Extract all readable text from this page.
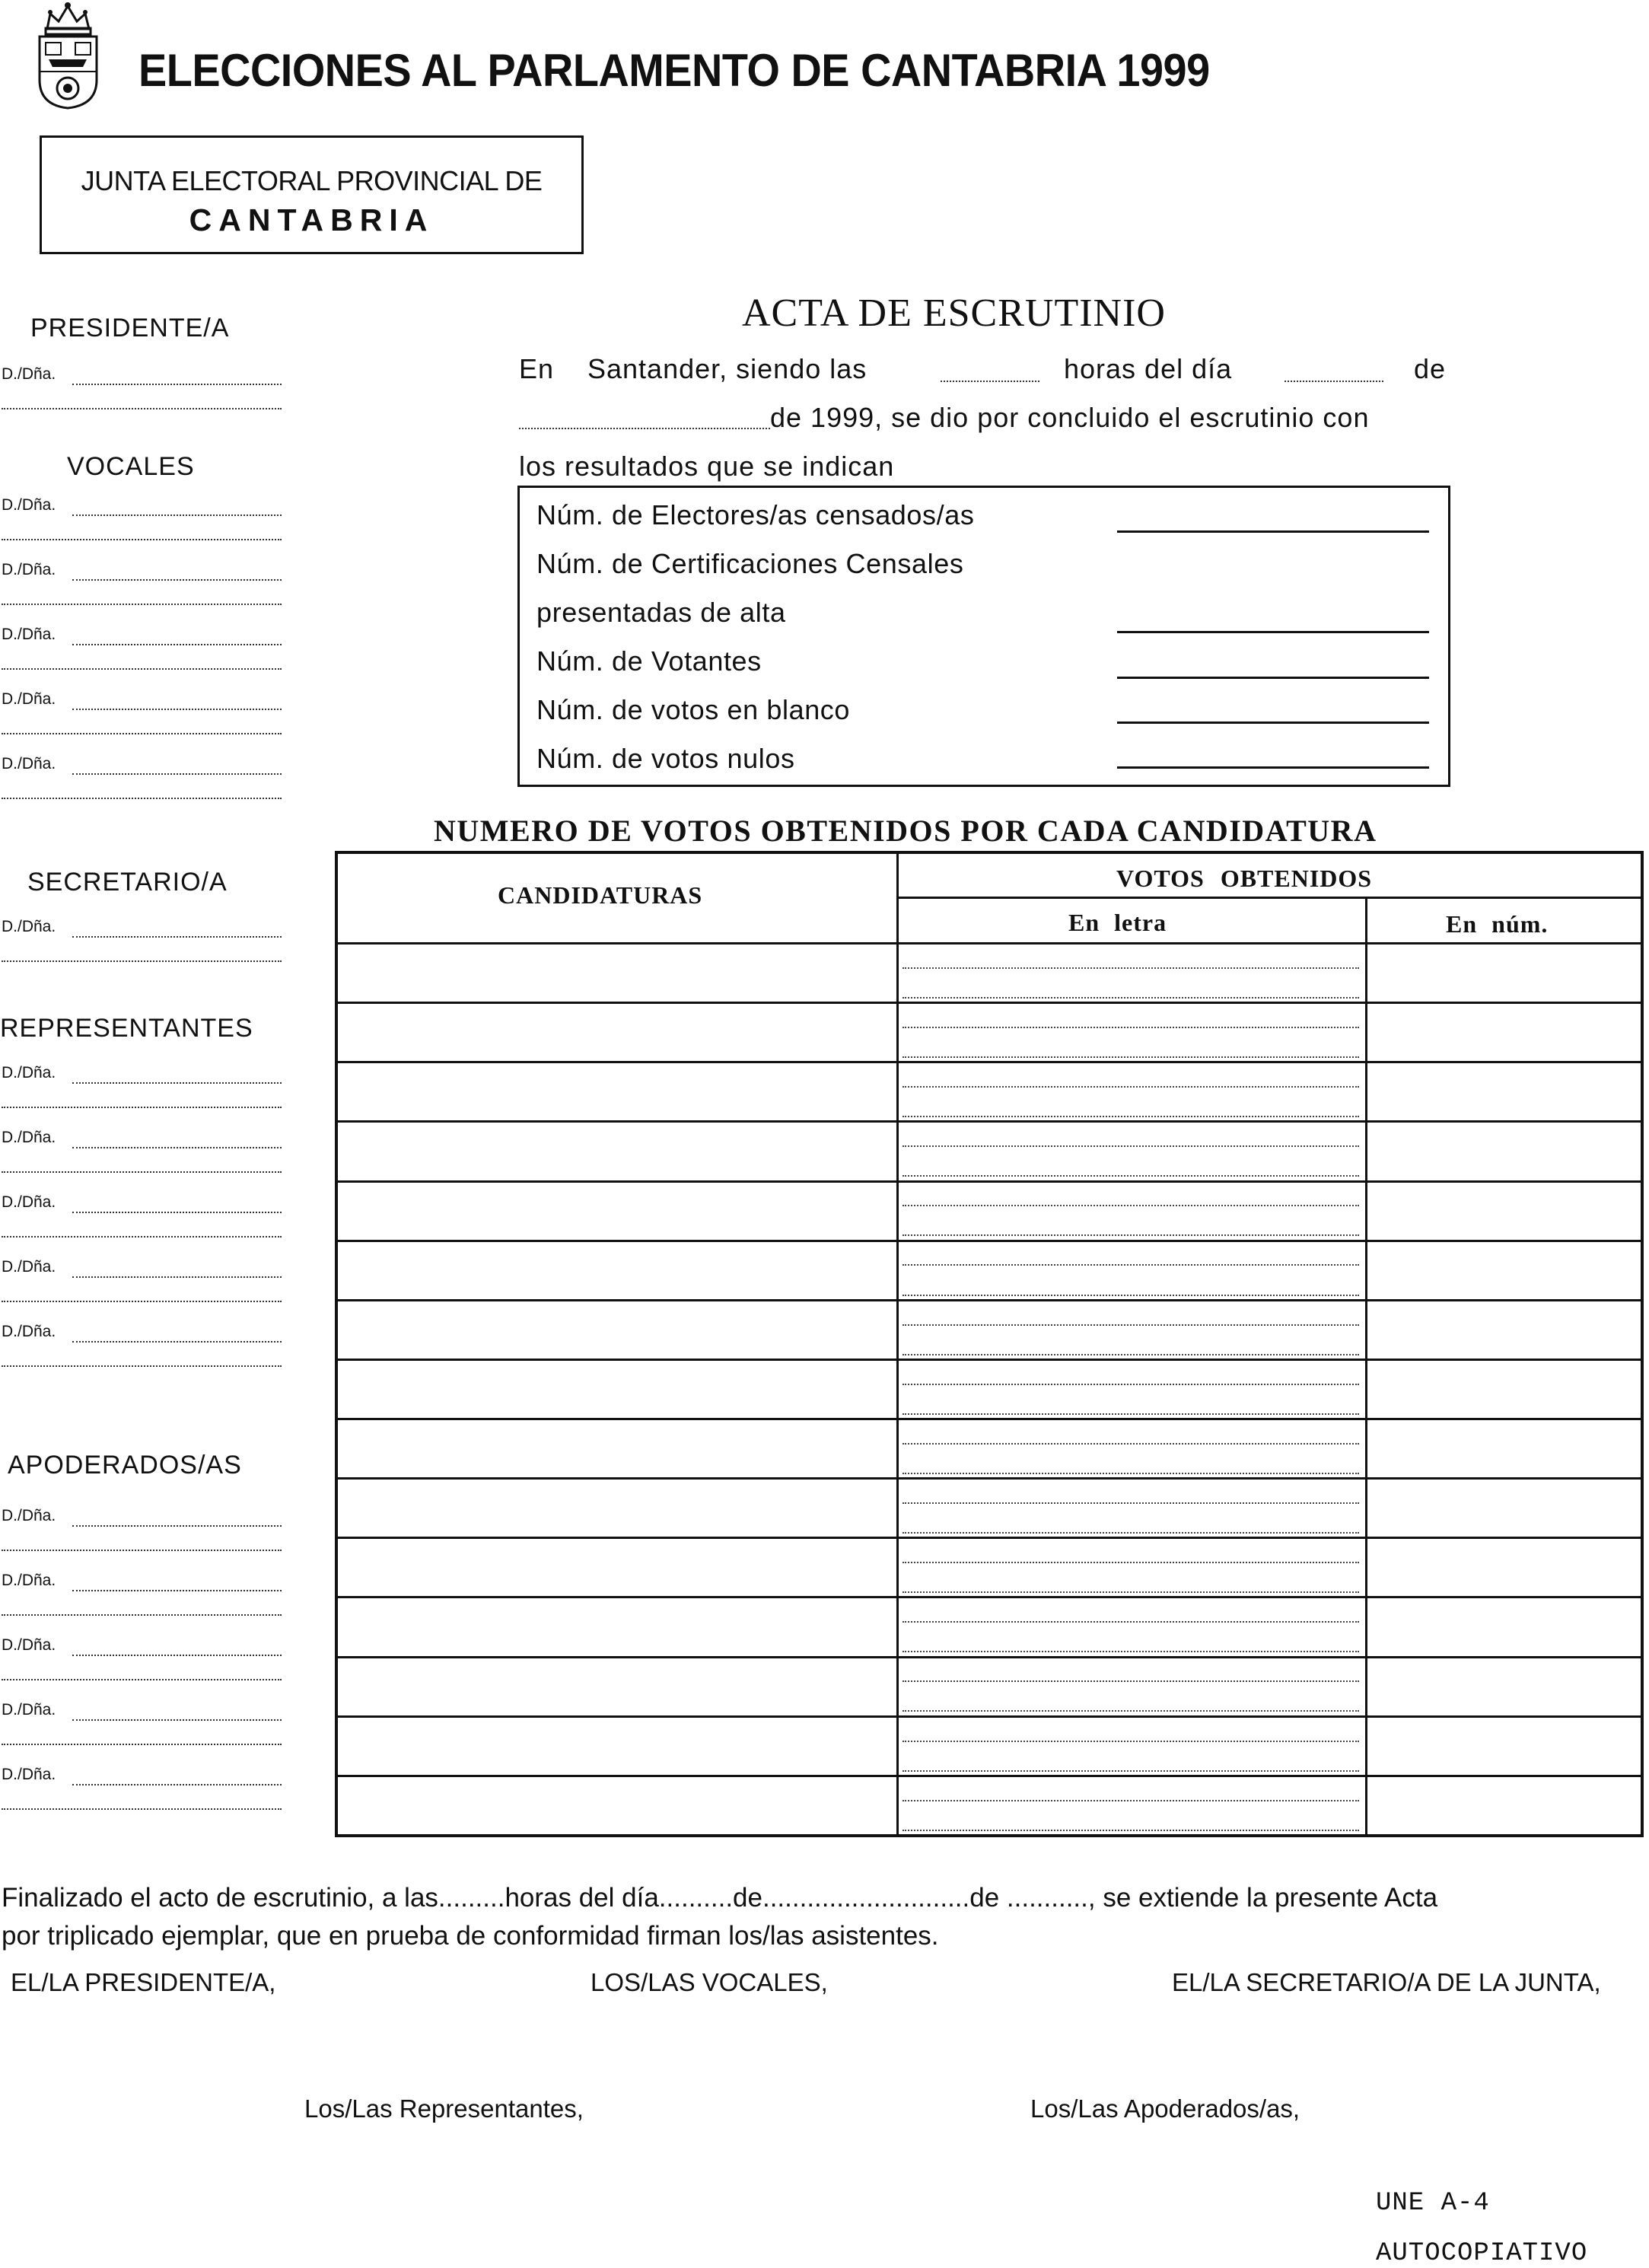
ELECCIONES AL PARLAMENTO DE CANTABRIA 1999
JUNTA ELECTORAL PROVINCIAL DE
CANTABRIA
PRESIDENTE/A
D./Dña.
VOCALES
D./Dña.
D./Dña.
D./Dña.
D./Dña.
D./Dña.
SECRETARIO/A
D./Dña.
REPRESENTANTES
D./Dña.
D./Dña.
D./Dña.
D./Dña.
D./Dña.
APODERADOS/AS
D./Dña.
D./Dña.
D./Dña.
D./Dña.
D./Dña.
ACTA DE ESCRUTINIO
En Santander, siendo las	horas del día	de
de 1999, se dio por concluido el escrutinio con
los resultados que se indican
Núm. de Electores/as censados/as
Núm. de Certificaciones Censales
presentadas de alta
Núm. de Votantes
Núm. de votos en blanco
Núm. de votos nulos
NUMERO DE VOTOS OBTENIDOS POR CADA CANDIDATURA
CANDIDATURAS
VOTOS OBTENIDOS
En letra	En núm.
Finalizado el acto de escrutinio, a las.........horas del día..........de............................de ..........., se extiende la presente Acta
por triplicado ejemplar, que en prueba de conformidad firman los/las asistentes.
EL/LA PRESIDENTE/A,	LOS/LAS VOCALES,	EL/LA SECRETARIO/A DE LA JUNTA,
Los/Las Representantes,	Los/Las Apoderados/as,
UNE A-4
AUTOCOPIATIVO
